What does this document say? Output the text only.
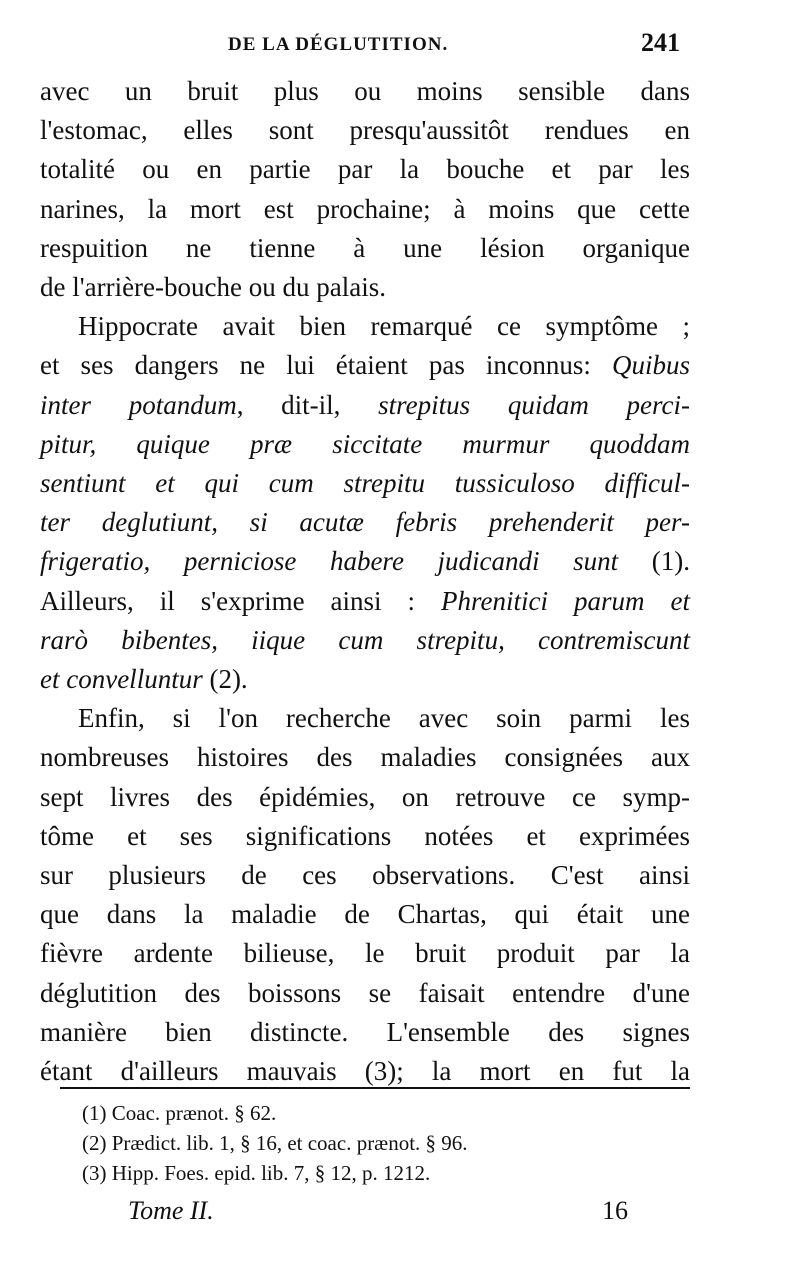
DE LA DÉGLUTITION.	241
avec un bruit plus ou moins sensible dans
l'estomac, elles sont presqu'aussitôt rendues en
totalité ou en partie par la bouche et par les
narines, la mort est prochaine; à moins que cette
respuition ne tienne à une lésion organique
de l'arrière-bouche ou du palais.
Hippocrate avait bien remarqué ce symptôme ;
et ses dangers ne lui étaient pas inconnus: Quibus
inter potandum, dit-il, strepitus quidam perci-
pitur, quique præ siccitate murmur quoddam
sentiunt et qui cum strepitu tussiculoso difficul-
ter deglutiunt, si acutæ febris prehenderit per-
frigeratio, perniciose habere judicandi sunt (1).
Ailleurs, il s'exprime ainsi : Phrenitici parum et
rarò bibentes, iique cum strepitu, contremiscunt
et convelluntur (2).
Enfin, si l'on recherche avec soin parmi les
nombreuses histoires des maladies consignées aux
sept livres des épidémies, on retrouve ce symp-
tôme et ses significations notées et exprimées
sur plusieurs de ces observations. C'est ainsi
que dans la maladie de Chartas, qui était une
fièvre ardente bilieuse, le bruit produit par la
déglutition des boissons se faisait entendre d'une
manière bien distincte. L'ensemble des signes
étant d'ailleurs mauvais (3); la mort en fut la
(1) Coac. prænot. § 62.
(2) Prædict. lib. 1, § 16, et coac. prænot. § 96.
(3) Hipp. Foes. epid. lib. 7, § 12, p. 1212.
Tome II.	16
